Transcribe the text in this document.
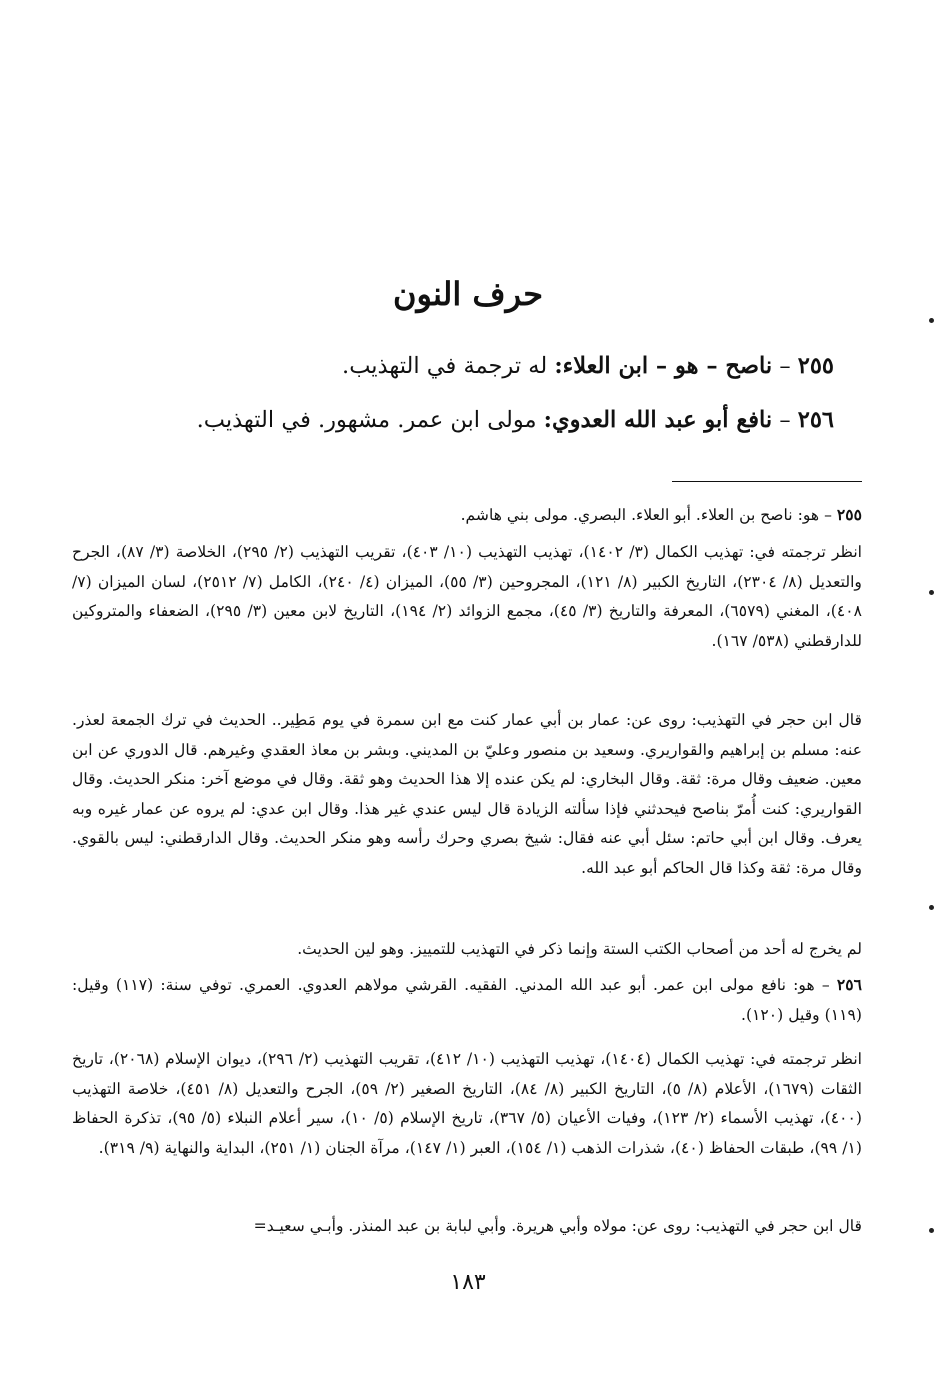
حرف النون
٢٥٥ – ناصح – هو – ابن العلاء: له ترجمة في التهذيب.
٢٥٦ – نافع أبو عبد الله العدوي: مولى ابن عمر. مشهور. في التهذيب.

٢٥٥ – هو: ناصح بن العلاء. أبو العلاء. البصري. مولى بني هاشم.

انظر ترجمته في: تهذيب الكمال (٣/ ١٤٠٢)، تهذيب التهذيب (١٠/ ٤٠٣)، تقريب التهذيب (٢/ ٢٩٥)، الخلاصة (٣/ ٨٧)، الجرح والتعديل (٨/ ٢٣٠٤)، التاريخ الكبير (٨/ ١٢١)، المجروحين (٣/ ٥٥)، الميزان (٤/ ٢٤٠)، الكامل (٧/ ٢٥١٢)، لسان الميزان (٧/ ٤٠٨)، المغني (٦٥٧٩)، المعرفة والتاريخ (٣/ ٤٥)، مجمع الزوائد (٢/ ١٩٤)، التاريخ لابن معين (٣/ ٢٩٥)، الضعفاء والمتروكين للدارقطني (٥٣٨/ ١٦٧).

قال ابن حجر في التهذيب: روى عن: عمار بن أبي عمار كنت مع ابن سمرة في يوم مَطِير.. الحديث في ترك الجمعة لعذر. عنه: مسلم بن إبراهيم والقواريري. وسعيد بن منصور وعليّ بن المديني. وبشر بن معاذ العقدي وغيرهم. قال الدوري عن ابن معين. ضعيف وقال مرة: ثقة. وقال البخاري: لم يكن عنده إلا هذا الحديث وهو ثقة. وقال في موضع آخر: منكر الحديث. وقال القواريري: كنت أُمرّ بناصح فيحدثني فإذا سألته الزيادة قال ليس عندي غير هذا. وقال ابن عدي: لم يروه عن عمار غيره وبه يعرف. وقال ابن أبي حاتم: سئل أبي عنه فقال: شيخ بصري وحرك رأسه وهو منكر الحديث. وقال الدارقطني: ليس بالقوي. وقال مرة: ثقة وكذا قال الحاكم أبو عبد الله.

لم يخرج له أحد من أصحاب الكتب الستة وإنما ذكر في التهذيب للتمييز. وهو لين الحديث.

٢٥٦ – هو: نافع مولى ابن عمر. أبو عبد الله المدني. الفقيه. القرشي مولاهم العدوي. العمري. توفي سنة: (١١٧) وقيل: (١١٩) وقيل (١٢٠).

انظر ترجمته في: تهذيب الكمال (١٤٠٤)، تهذيب التهذيب (١٠/ ٤١٢)، تقريب التهذيب (٢/ ٢٩٦)، ديوان الإسلام (٢٠٦٨)، تاريخ الثقات (١٦٧٩)، الأعلام (٨/ ٥)، التاريخ الكبير (٨/ ٨٤)، التاريخ الصغير (٢/ ٥٩)، الجرح والتعديل (٨/ ٤٥١)، خلاصة التهذيب (٤٠٠)، تهذيب الأسماء (٢/ ١٢٣)، وفيات الأعيان (٥/ ٣٦٧)، تاريخ الإسلام (٥/ ١٠)، سير أعلام النبلاء (٥/ ٩٥)، تذكرة الحفاظ (١/ ٩٩)، طبقات الحفاظ (٤٠)، شذرات الذهب (١/ ١٥٤)، العبر (١/ ١٤٧)، مرآة الجنان (١/ ٢٥١)، البداية والنهاية (٩/ ٣١٩).

قال ابن حجر في التهذيب: روى عن: مولاه وأبي هريرة. وأبي لبابة بن عبد المنذر. وأبـي سعيـد=

١٨٣
